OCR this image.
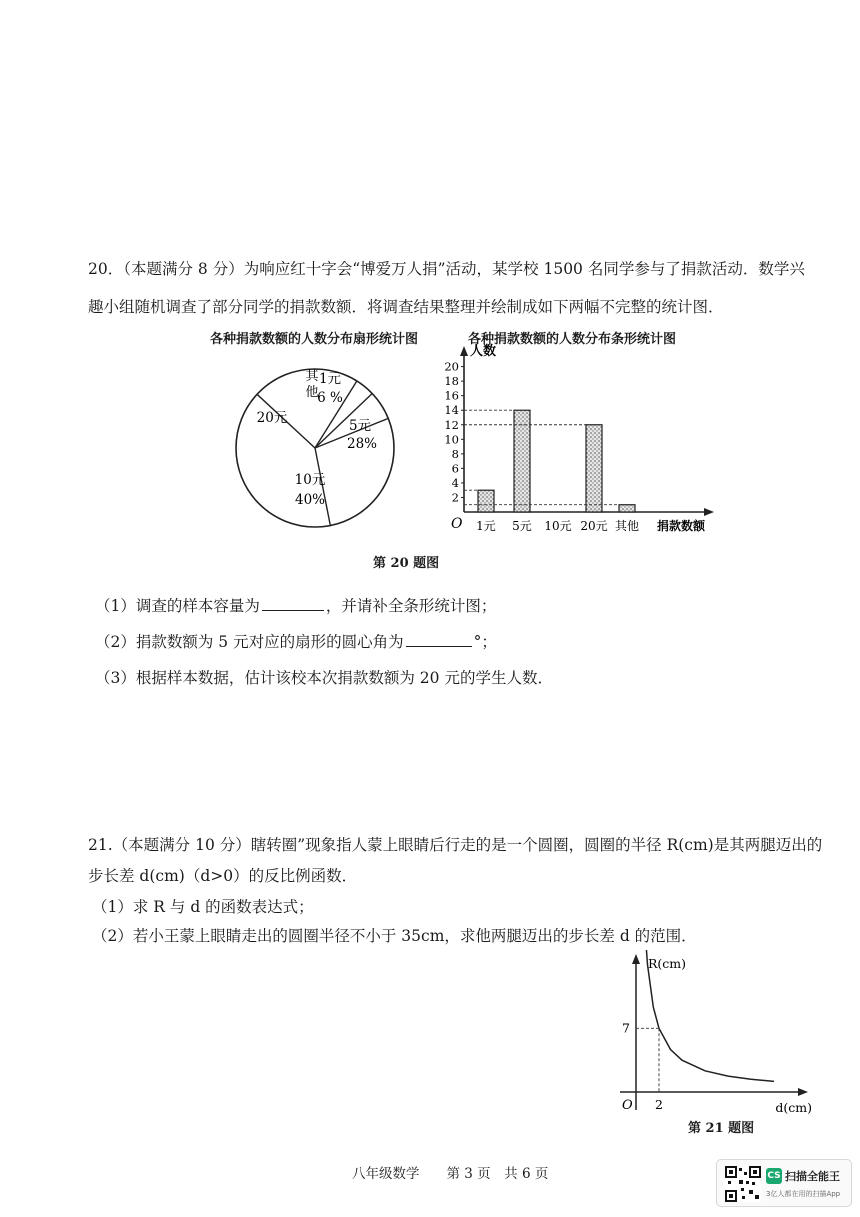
20．（本题满分 8 分）为响应红十字会“博爱万人捐”活动，某学校 1500 名同学参与了捐款活动．数学兴
趣小组随机调查了部分同学的捐款数额．将调查结果整理并绘制成如下两幅不完整的统计图．
各种捐款数额的人数分布扇形统计图	各种捐款数额的人数分布条形统计图
5元
28%
10元
40%
20元
其
他
1元
6 %
人数
捐款数额
O
2
4
6
8
10
12
14
16
18
20
1元 5元 10元 20元 其他
第 20 题图
（1）调查的样本容量为	，并请补全条形统计图；
（2）捐款数额为 5 元对应的扇形的圆心角为	°；
（3）根据样本数据，估计该校本次捐款数额为 20 元的学生人数．
21.（本题满分 10 分）瞎转圈”现象指人蒙上眼睛后行走的是一个圆圈，圆圈的半径 R(cm)是其两腿迈出的
步长差 d(cm)（d>0）的反比例函数．
（1）求 R 与 d 的函数表达式；
（2）若小王蒙上眼睛走出的圆圈半径不小于 35cm，求他两腿迈出的步长差 d 的范围．
R(cm)
d(cm)
O
7
2
第 21 题图
八年级数学　　第 3 页　共 6 页	CS 扫描全能王
3亿人都在用的扫描App
